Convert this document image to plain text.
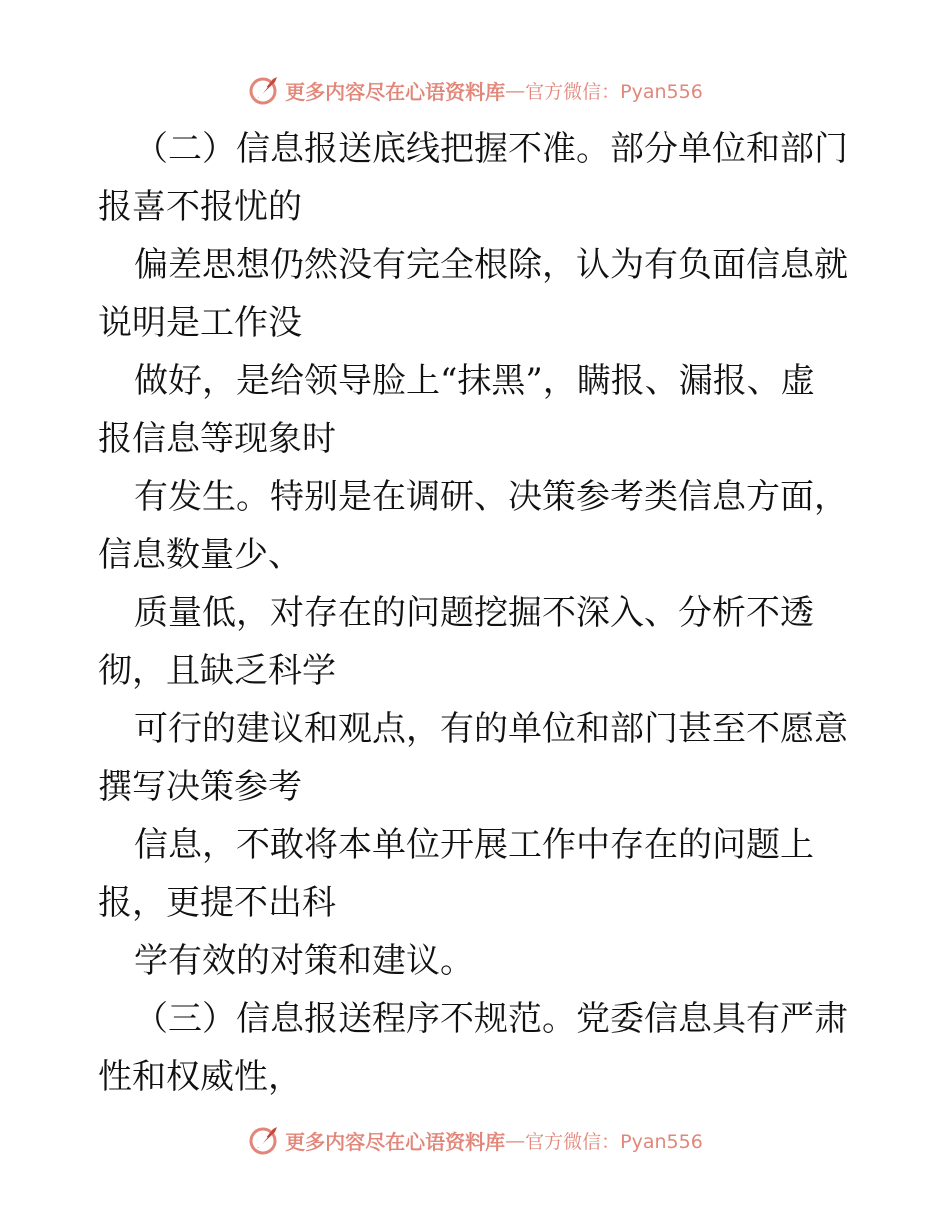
更多内容尽在心语资料库 — 官方微信：Pyan556
（二）信息报送底线把握不准。部分单位和部门
报喜不报忧的
偏差思想仍然没有完全根除，认为有负面信息就
说明是工作没
做好，是给领导脸上“抹黑”，瞒报、漏报、虚
报信息等现象时
有发生。特别是在调研、决策参考类信息方面，
信息数量少、
质量低，对存在的问题挖掘不深入、分析不透
彻，且缺乏科学
可行的建议和观点，有的单位和部门甚至不愿意
撰写决策参考
信息，不敢将本单位开展工作中存在的问题上
报，更提不出科
学有效的对策和建议。
（三）信息报送程序不规范。党委信息具有严肃
性和权威性，
更多内容尽在心语资料库 — 官方微信：Pyan556
